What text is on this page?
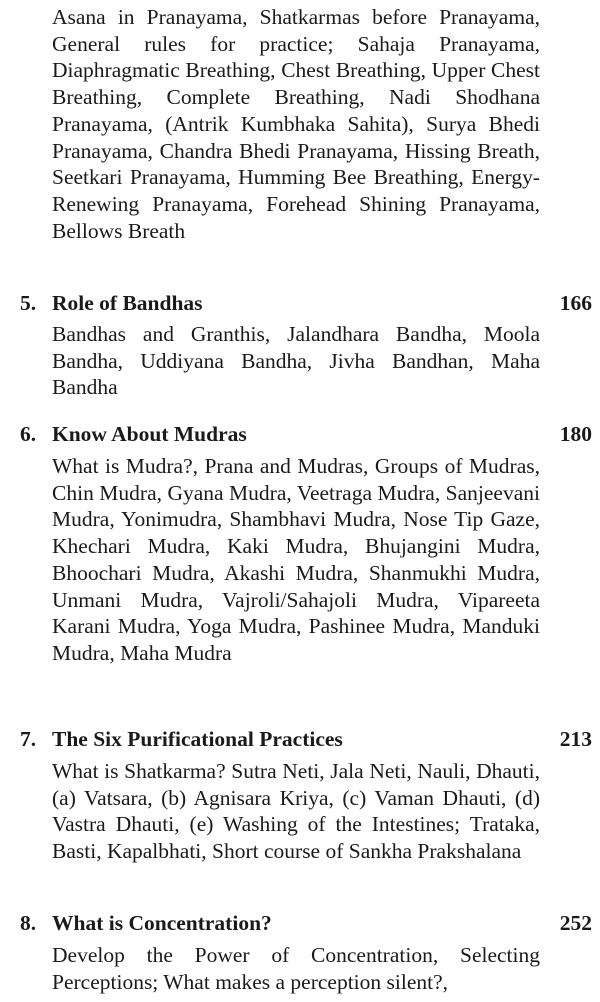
Asana in Pranayama, Shatkarmas before Pranayama, General rules for practice; Sahaja Pranayama, Diaphragmatic Breathing, Chest Breathing, Upper Chest Breathing, Complete Breathing, Nadi Shodhana Pranayama, (Antrik Kumbhaka Sahita), Surya Bhedi Pranayama, Chandra Bhedi Pranayama, Hissing Breath, Seetkari Pranayama, Humming Bee Breathing, Energy-Renewing Pranayama, Forehead Shining Pranayama, Bellows Breath

5. Role of Bandhas	166

Bandhas and Granthis, Jalandhara Bandha, Moola Bandha, Uddiyana Bandha, Jivha Bandhan, Maha Bandha

6. Know About Mudras	180

What is Mudra?, Prana and Mudras, Groups of Mudras, Chin Mudra, Gyana Mudra, Veetraga Mudra, Sanjeevani Mudra, Yonimudra, Shambhavi Mudra, Nose Tip Gaze, Khechari Mudra, Kaki Mudra, Bhujangini Mudra, Bhoochari Mudra, Akashi Mudra, Shanmukhi Mudra, Unmani Mudra, Vajroli/Sahajoli Mudra, Vipareeta Karani Mudra, Yoga Mudra, Pashinee Mudra, Manduki Mudra, Maha Mudra

7. The Six Purificational Practices	213

What is Shatkarma? Sutra Neti, Jala Neti, Nauli, Dhauti, (a) Vatsara, (b) Agnisara Kriya, (c) Vaman Dhauti, (d) Vastra Dhauti, (e) Washing of the Intestines; Trataka, Basti, Kapalbhati, Short course of Sankha Prakshalana

8. What is Concentration?	252

Develop the Power of Concentration, Selecting Perceptions; What makes a perception silent?,
